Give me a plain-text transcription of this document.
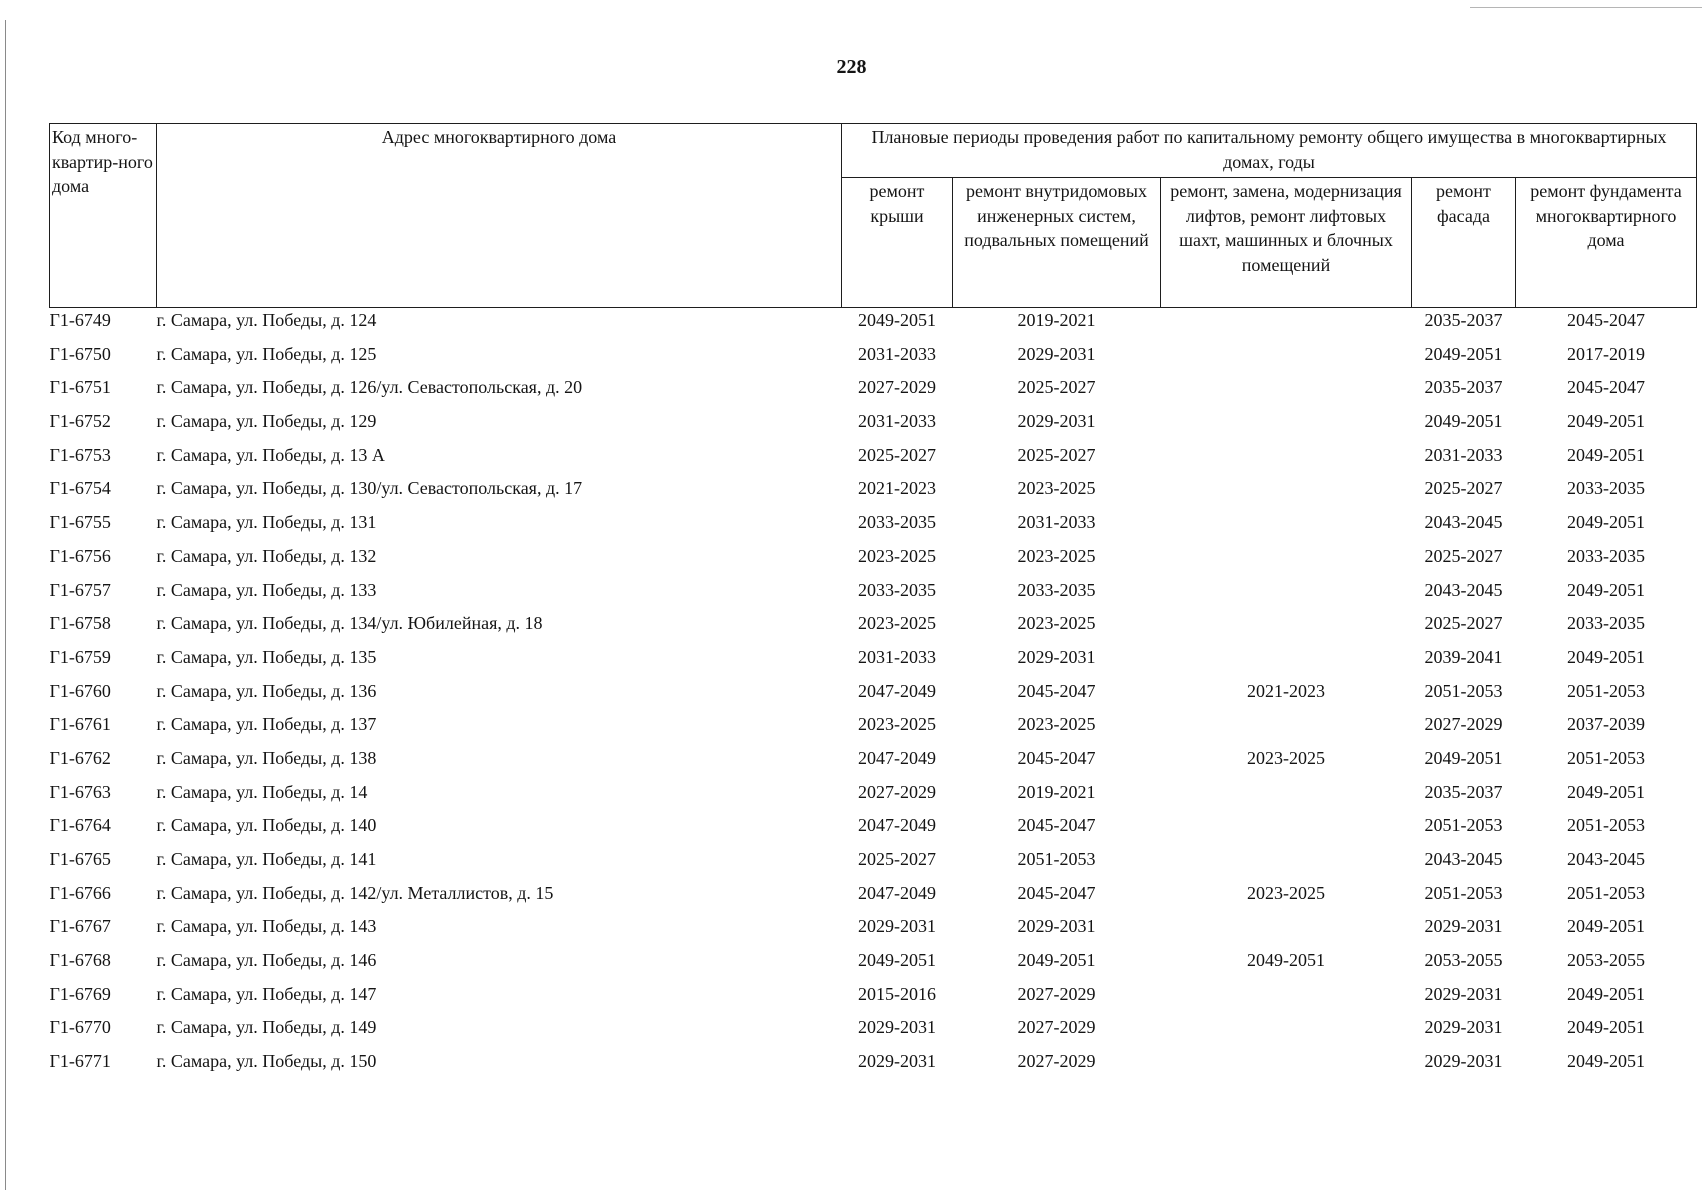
228
Код много-квартир-ного дома	Адрес многоквартирного дома	Плановые периоды проведения работ по капитальному ремонту общего имущества в многоквартирных домах, годы				
		ремонт крыши	ремонт внутридомовых инженерных систем, подвальных помещений	ремонт, замена, модернизация лифтов, ремонт лифтовых шахт, машинных и блочных помещений	ремонт фасада	ремонт фундамента многоквартирного дома
Г1-6749	г. Самара, ул. Победы, д. 124	2049-2051	2019-2021		2035-2037	2045-2047
Г1-6750	г. Самара, ул. Победы, д. 125	2031-2033	2029-2031		2049-2051	2017-2019
Г1-6751	г. Самара, ул. Победы, д. 126/ул. Севастопольская, д. 20	2027-2029	2025-2027		2035-2037	2045-2047
Г1-6752	г. Самара, ул. Победы, д. 129	2031-2033	2029-2031		2049-2051	2049-2051
Г1-6753	г. Самара, ул. Победы, д. 13 А	2025-2027	2025-2027		2031-2033	2049-2051
Г1-6754	г. Самара, ул. Победы, д. 130/ул. Севастопольская, д. 17	2021-2023	2023-2025		2025-2027	2033-2035
Г1-6755	г. Самара, ул. Победы, д. 131	2033-2035	2031-2033		2043-2045	2049-2051
Г1-6756	г. Самара, ул. Победы, д. 132	2023-2025	2023-2025		2025-2027	2033-2035
Г1-6757	г. Самара, ул. Победы, д. 133	2033-2035	2033-2035		2043-2045	2049-2051
Г1-6758	г. Самара, ул. Победы, д. 134/ул. Юбилейная, д. 18	2023-2025	2023-2025		2025-2027	2033-2035
Г1-6759	г. Самара, ул. Победы, д. 135	2031-2033	2029-2031		2039-2041	2049-2051
Г1-6760	г. Самара, ул. Победы, д. 136	2047-2049	2045-2047	2021-2023	2051-2053	2051-2053
Г1-6761	г. Самара, ул. Победы, д. 137	2023-2025	2023-2025		2027-2029	2037-2039
Г1-6762	г. Самара, ул. Победы, д. 138	2047-2049	2045-2047	2023-2025	2049-2051	2051-2053
Г1-6763	г. Самара, ул. Победы, д. 14	2027-2029	2019-2021		2035-2037	2049-2051
Г1-6764	г. Самара, ул. Победы, д. 140	2047-2049	2045-2047		2051-2053	2051-2053
Г1-6765	г. Самара, ул. Победы, д. 141	2025-2027	2051-2053		2043-2045	2043-2045
Г1-6766	г. Самара, ул. Победы, д. 142/ул. Металлистов, д. 15	2047-2049	2045-2047	2023-2025	2051-2053	2051-2053
Г1-6767	г. Самара, ул. Победы, д. 143	2029-2031	2029-2031		2029-2031	2049-2051
Г1-6768	г. Самара, ул. Победы, д. 146	2049-2051	2049-2051	2049-2051	2053-2055	2053-2055
Г1-6769	г. Самара, ул. Победы, д. 147	2015-2016	2027-2029		2029-2031	2049-2051
Г1-6770	г. Самара, ул. Победы, д. 149	2029-2031	2027-2029		2029-2031	2049-2051
Г1-6771	г. Самара, ул. Победы, д. 150	2029-2031	2027-2029		2029-2031	2049-2051
